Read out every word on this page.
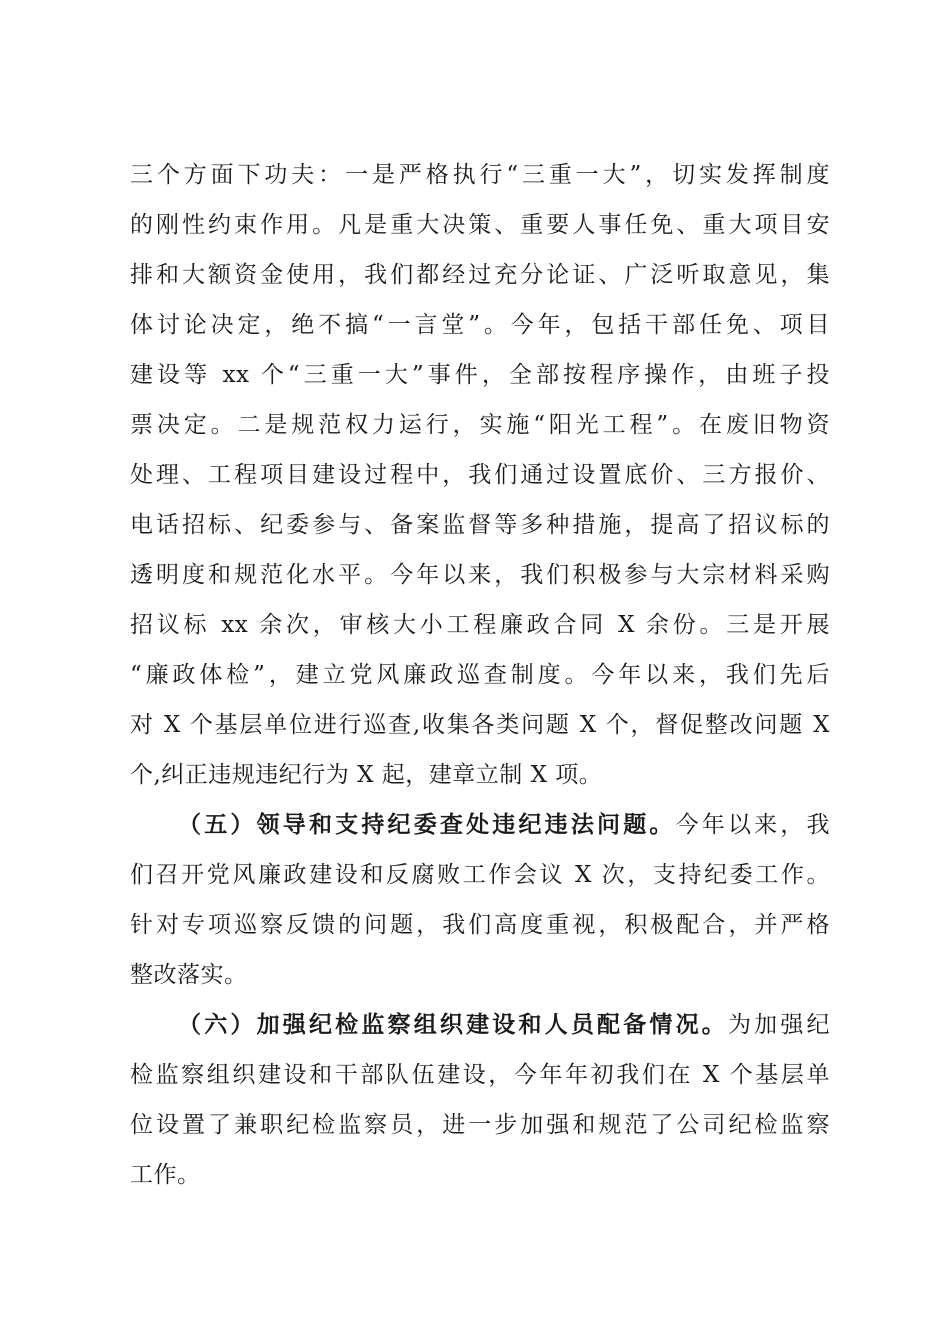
三个方面下功夫：一是严格执行“三重一大”，切实发挥制度
的刚性约束作用。凡是重大决策、重要人事任免、重大项目安
排和大额资金使用，我们都经过充分论证、广泛听取意见，集
体讨论决定，绝不搞“一言堂”。今年，包括干部任免、项目
建设等 xx 个“三重一大”事件，全部按程序操作，由班子投
票决定。二是规范权力运行，实施“阳光工程”。在废旧物资
处理、工程项目建设过程中，我们通过设置底价、三方报价、
电话招标、纪委参与、备案监督等多种措施，提高了招议标的
透明度和规范化水平。今年以来，我们积极参与大宗材料采购
招议标 xx 余次，审核大小工程廉政合同 X 余份。三是开展
“廉政体检”，建立党风廉政巡查制度。今年以来，我们先后
对 X 个基层单位进行巡查,收集各类问题 X 个，督促整改问题 X
个,纠正违规违纪行为 X 起，建章立制 X 项。
（五）领导和支持纪委查处违纪违法问题。今年以来，我
们召开党风廉政建设和反腐败工作会议 X 次，支持纪委工作。
针对专项巡察反馈的问题，我们高度重视，积极配合，并严格
整改落实。
（六）加强纪检监察组织建设和人员配备情况。为加强纪
检监察组织建设和干部队伍建设，今年年初我们在 X 个基层单
位设置了兼职纪检监察员，进一步加强和规范了公司纪检监察
工作。
